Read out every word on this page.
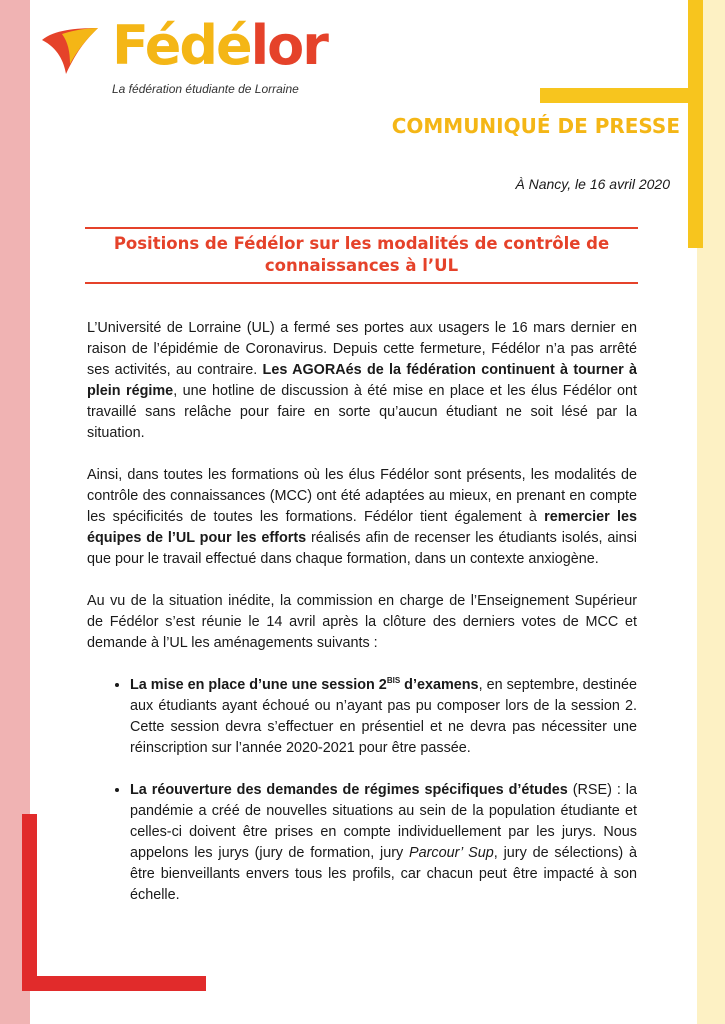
Fédélor
La fédération étudiante de Lorraine
COMMUNIQUÉ DE PRESSE
À Nancy, le 16 avril 2020
Positions de Fédélor sur les modalités de contrôle de
connaissances à l’UL

L’Université de Lorraine (UL) a fermé ses portes aux usagers le 16 mars dernier en raison de l’épidémie de Coronavirus. Depuis cette fermeture, Fédélor n’a pas arrêté ses activités, au contraire. Les AGORAés de la fédération continuent à tourner à plein régime, une hotline de discussion à été mise en place et les élus Fédélor ont travaillé sans relâche pour faire en sorte qu’aucun étudiant ne soit lésé par la situation.

Ainsi, dans toutes les formations où les élus Fédélor sont présents, les modalités de contrôle des connaissances (MCC) ont été adaptées au mieux, en prenant en compte les spécificités de toutes les formations. Fédélor tient également à remercier les équipes de l’UL pour les efforts réalisés afin de recenser les étudiants isolés, ainsi que pour le travail effectué dans chaque formation, dans un contexte anxiogène.

Au vu de la situation inédite, la commission en charge de l’Enseignement Supérieur de Fédélor s’est réunie le 14 avril après la clôture des derniers votes de MCC et demande à l’UL les aménagements suivants :

• La mise en place d’une une session $2^{BIS}$ d’examens, en septembre, destinée aux étudiants ayant échoué ou n’ayant pas pu composer lors de la session 2. Cette session devra s’effectuer en présentiel et ne devra pas nécessiter une réinscription sur l’année 2020-2021 pour être passée.
• La réouverture des demandes de régimes spécifiques d’études (RSE) : la pandémie a créé de nouvelles situations au sein de la population étudiante et celles-ci doivent être prises en compte individuellement par les jurys. Nous appelons les jurys (jury de formation, jury Parcour’ Sup, jury de sélections) à être bienveillants envers tous les profils, car chacun peut être impacté à son échelle.
